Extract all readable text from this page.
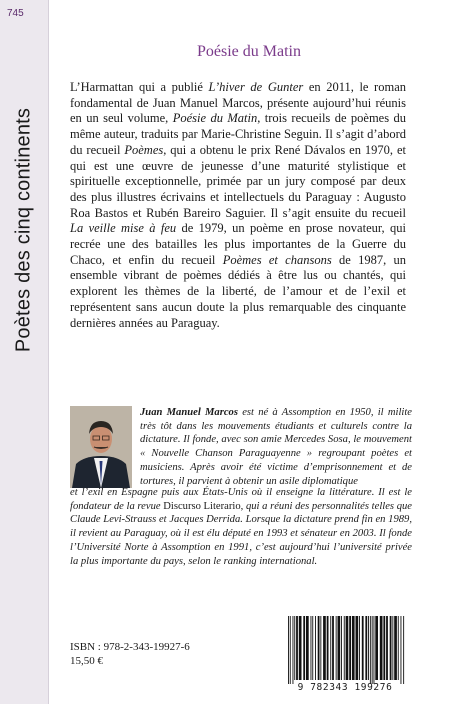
745
Poètes des cinq continents
Poésie du Matin

L’Harmattan qui a publié L’hiver de Gunter en 2011, le roman fondamental de Juan Manuel Marcos, présente aujourd’hui réunis en un seul volume, Poésie du Matin, trois recueils de poèmes du même auteur, traduits par Marie-Christine Seguin. Il s’agit d’abord du recueil Poèmes, qui a obtenu le prix René Dávalos en 1970, et qui est une œuvre de jeunesse d’une maturité stylistique et spirituelle exceptionnelle, primée par un jury composé par deux des plus illustres écrivains et intellectuels du Paraguay : Augusto Roa Bastos et Rubén Bareiro Saguier. Il s’agit ensuite du recueil La veille mise à feu de 1979, un poème en prose novateur, qui recrée une des batailles les plus importantes de la Guerre du Chaco, et enfin du recueil Poèmes et chansons de 1987, un ensemble vibrant de poèmes dédiés à être lus ou chantés, qui explorent les thèmes de la liberté, de l’amour et de l’exil et représentent sans aucun doute la plus remarquable des cinquante dernières années au Paraguay.

Juan Manuel Marcos est né à Assomption en 1950, il milite très tôt dans les mouvements étudiants et culturels contre la dictature. Il fonde, avec son amie Mercedes Sosa, le mouvement « Nouvelle Chanson Paraguayenne » regroupant poètes et musiciens. Après avoir été victime d’emprisonnement et de tortures, il parvient à obtenir un asile diplomatique

et l’exil en Espagne puis aux États-Unis où il enseigne la littérature. Il est le fondateur de la revue Discurso Literario, qui a réuni des personnalités telles que Claude Levi-Strauss et Jacques Derrida. Lorsque la dictature prend fin en 1989, il revient au Paraguay, où il est élu député en 1993 et sénateur en 2003. Il fonde l’Université Norte à Assomption en 1991, c’est aujourd’hui l’université privée la plus importante du pays, selon le ranking international.

ISBN : 978-2-343-19927-6
15,50 €
9 782343 199276
